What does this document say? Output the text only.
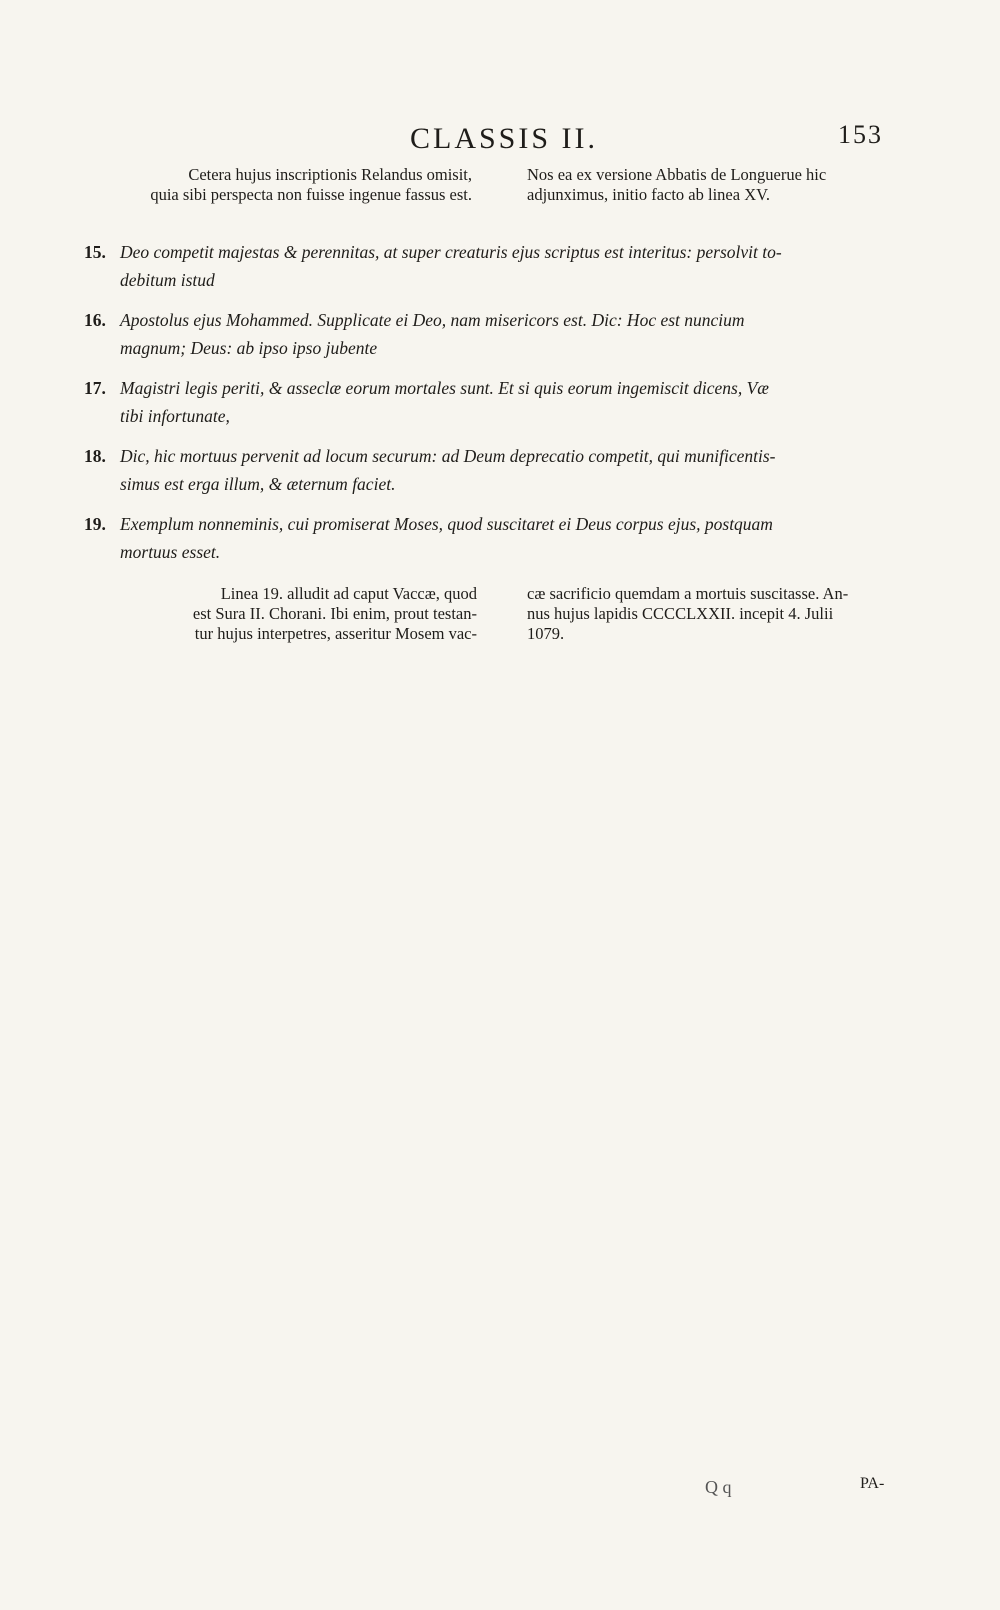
CLASSIS II.	153
Cetera hujus inscriptionis Relandus omisit,
quia sibi perspecta non fuisse ingenue fassus est.
Nos ea ex versione Abbatis de Longuerue hic
adjunximus, initio facto ab linea XV.
15. Deo competit majestas & perennitas, at super creaturis ejus scriptus est interitus: persolvit to-
debitum istud
16. Apostolus ejus Mohammed. Supplicate ei Deo, nam misericors est. Dic: Hoc est nuncium
magnum; Deus: ab ipso ipso jubente
17. Magistri legis periti, & asseclæ eorum mortales sunt. Et si quis eorum ingemiscit dicens, Væ
tibi infortunate,
18. Dic, hic mortuus pervenit ad locum securum: ad Deum deprecatio competit, qui munificentis-
simus est erga illum, & æternum faciet.
19. Exemplum nonneminis, cui promiserat Moses, quod suscitaret ei Deus corpus ejus, postquam
mortuus esset.
Linea 19. alludit ad caput Vaccæ, quod
est Sura II. Chorani. Ibi enim, prout testan-
tur hujus interpetres, asseritur Mosem vac-
cæ sacrificio quemdam a mortuis suscitasse. An-
nus hujus lapidis CCCCLXXII. incepit 4. Julii
1079.
Q q	PA-
